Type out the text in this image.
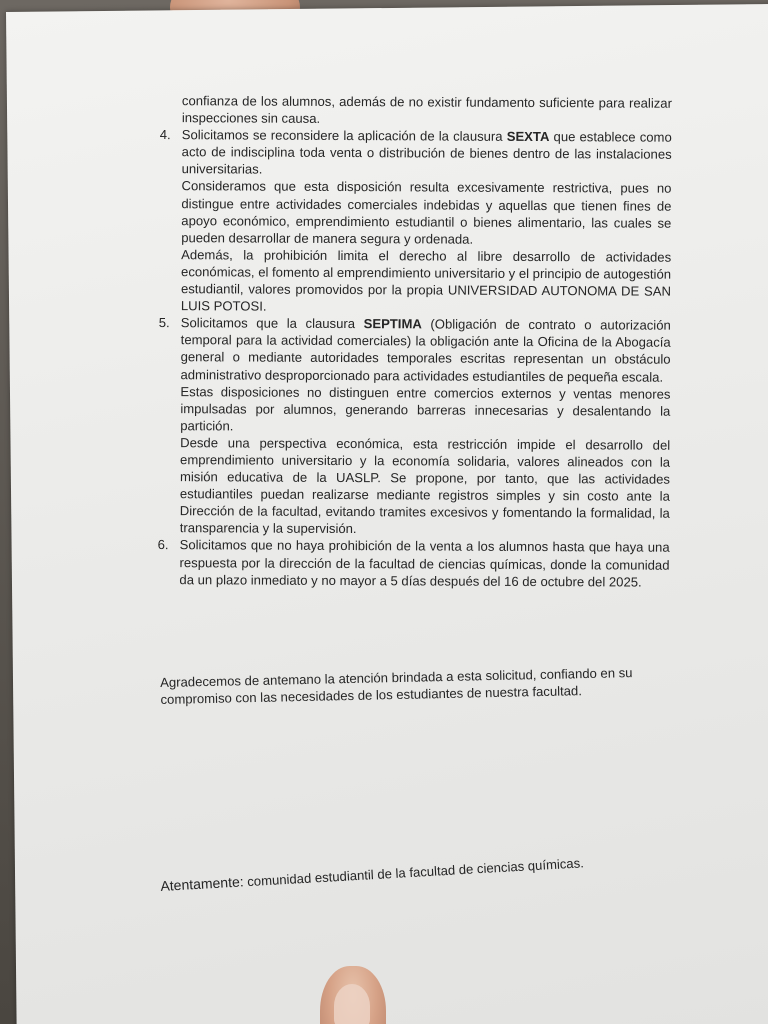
confianza de los alumnos, además de no existir fundamento suficiente para realizar inspecciones sin causa.

4. Solicitamos se reconsidere la aplicación de la clausura SEXTA que establece como acto de indisciplina toda venta o distribución de bienes dentro de las instalaciones universitarias.

Consideramos que esta disposición resulta excesivamente restrictiva, pues no distingue entre actividades comerciales indebidas y aquellas que tienen fines de apoyo económico, emprendimiento estudiantil o bienes alimentario, las cuales se pueden desarrollar de manera segura y ordenada.

Además, la prohibición limita el derecho al libre desarrollo de actividades económicas, el fomento al emprendimiento universitario y el principio de autogestión estudiantil, valores promovidos por la propia UNIVERSIDAD AUTONOMA DE SAN LUIS POTOSI.

5. Solicitamos que la clausura SEPTIMA (Obligación de contrato o autorización temporal para la actividad comerciales) la obligación ante la Oficina de la Abogacía general o mediante autoridades temporales escritas representan un obstáculo administrativo desproporcionado para actividades estudiantiles de pequeña escala.

Estas disposiciones no distinguen entre comercios externos y ventas menores impulsadas por alumnos, generando barreras innecesarias y desalentando la partición.

Desde una perspectiva económica, esta restricción impide el desarrollo del emprendimiento universitario y la economía solidaria, valores alineados con la misión educativa de la UASLP. Se propone, por tanto, que las actividades estudiantiles puedan realizarse mediante registros simples y sin costo ante la Dirección de la facultad, evitando tramites excesivos y fomentando la formalidad, la transparencia y la supervisión.

6. Solicitamos que no haya prohibición de la venta a los alumnos hasta que haya una respuesta por la dirección de la facultad de ciencias químicas, donde la comunidad da un plazo inmediato y no mayor a 5 días después del 16 de octubre del 2025.

Agradecemos de antemano la atención brindada a esta solicitud, confiando en su compromiso con las necesidades de los estudiantes de nuestra facultad.

Atentamente: comunidad estudiantil de la facultad de ciencias químicas.
